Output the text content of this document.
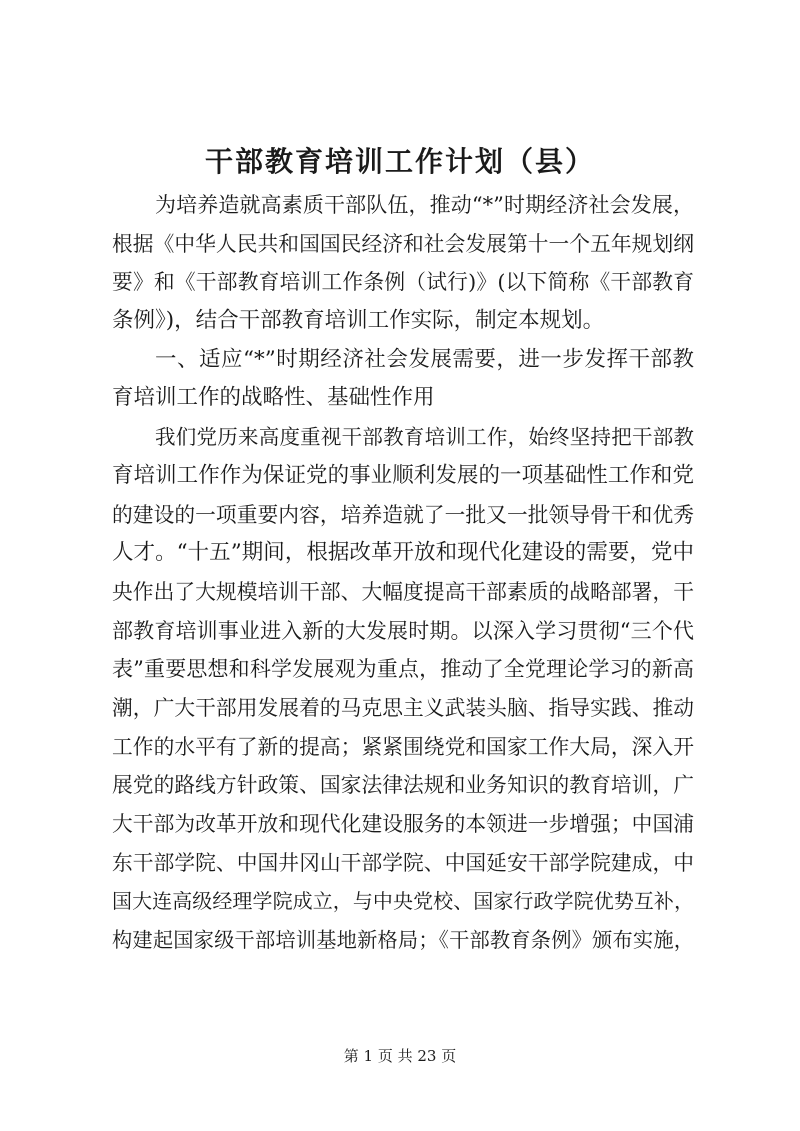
干部教育培训工作计划（县）
为培养造就高素质干部队伍，推动“*”时期经济社会发展，
根据《中华人民共和国国民经济和社会发展第十一个五年规划纲
要》和《干部教育培训工作条例（试行)》(以下简称《干部教育
条例》)，结合干部教育培训工作实际，制定本规划。
一、适应“*”时期经济社会发展需要，进一步发挥干部教
育培训工作的战略性、基础性作用
我们党历来高度重视干部教育培训工作，始终坚持把干部教
育培训工作作为保证党的事业顺利发展的一项基础性工作和党
的建设的一项重要内容，培养造就了一批又一批领导骨干和优秀
人才。“十五”期间，根据改革开放和现代化建设的需要，党中
央作出了大规模培训干部、大幅度提高干部素质的战略部署，干
部教育培训事业进入新的大发展时期。以深入学习贯彻“三个代
表”重要思想和科学发展观为重点，推动了全党理论学习的新高
潮，广大干部用发展着的马克思主义武装头脑、指导实践、推动
工作的水平有了新的提高；紧紧围绕党和国家工作大局，深入开
展党的路线方针政策、国家法律法规和业务知识的教育培训，广
大干部为改革开放和现代化建设服务的本领进一步增强；中国浦
东干部学院、中国井冈山干部学院、中国延安干部学院建成，中
国大连高级经理学院成立，与中央党校、国家行政学院优势互补，
构建起国家级干部培训基地新格局；《干部教育条例》颁布实施，
第 1 页 共 23 页
